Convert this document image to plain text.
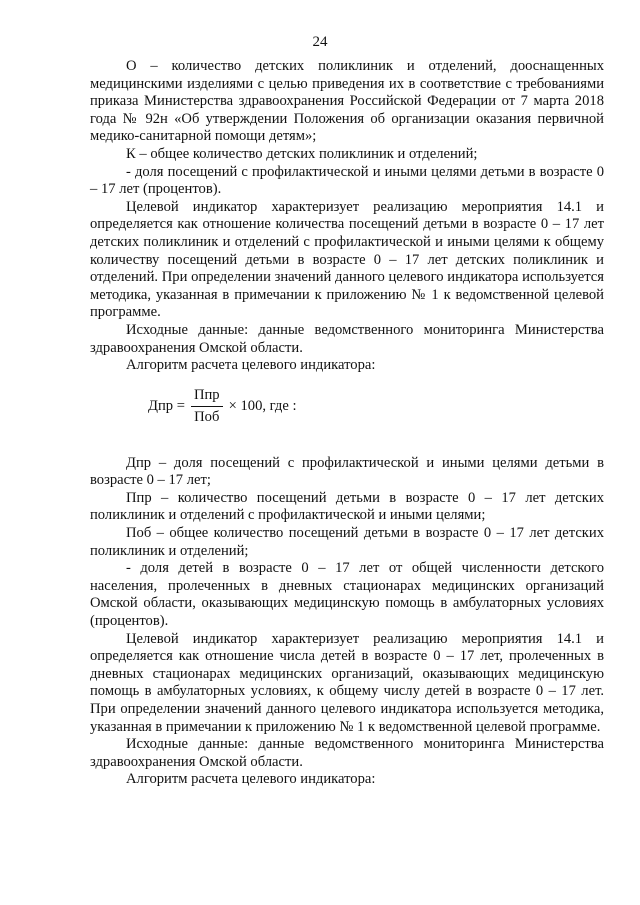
24

О – количество детских поликлиник и отделений, дооснащенных медицинскими изделиями с целью приведения их в соответствие с требованиями приказа Министерства здравоохранения Российской Федерации от 7 марта 2018 года № 92н «Об утверждении Положения об организации оказания первичной медико-санитарной помощи детям»;

К – общее количество детских поликлиник и отделений;

- доля посещений с профилактической и иными целями детьми в возрасте 0 – 17 лет (процентов).

Целевой индикатор характеризует реализацию мероприятия 14.1 и определяется как отношение количества посещений детьми в возрасте 0 – 17 лет детских поликлиник и отделений с профилактической и иными целями к общему количеству посещений детьми в возрасте 0 – 17 лет детских поликлиник и отделений. При определении значений данного целевого индикатора используется методика, указанная в примечании к приложению № 1 к ведомственной целевой программе.

Исходные данные: данные ведомственного мониторинга Министерства здравоохранения Омской области.

Алгоритм расчета целевого индикатора:

Дпр = $\frac{\text{Ппр}}{\text{Поб}} \times 100$, где :

Дпр – доля посещений с профилактической и иными целями детьми в возрасте 0 – 17 лет;

Ппр – количество посещений детьми в возрасте 0 – 17 лет детских поликлиник и отделений с профилактической и иными целями;

Поб – общее количество посещений детьми в возрасте 0 – 17 лет детских поликлиник и отделений;

- доля детей в возрасте 0 – 17 лет от общей численности детского населения, пролеченных в дневных стационарах медицинских организаций Омской области, оказывающих медицинскую помощь в амбулаторных условиях (процентов).

Целевой индикатор характеризует реализацию мероприятия 14.1 и определяется как отношение числа детей в возрасте 0 – 17 лет, пролеченных в дневных стационарах медицинских организаций, оказывающих медицинскую помощь в амбулаторных условиях, к общему числу детей в возрасте 0 – 17 лет. При определении значений данного целевого индикатора используется методика, указанная в примечании к приложению № 1 к ведомственной целевой программе.

Исходные данные: данные ведомственного мониторинга Министерства здравоохранения Омской области.

Алгоритм расчета целевого индикатора:
